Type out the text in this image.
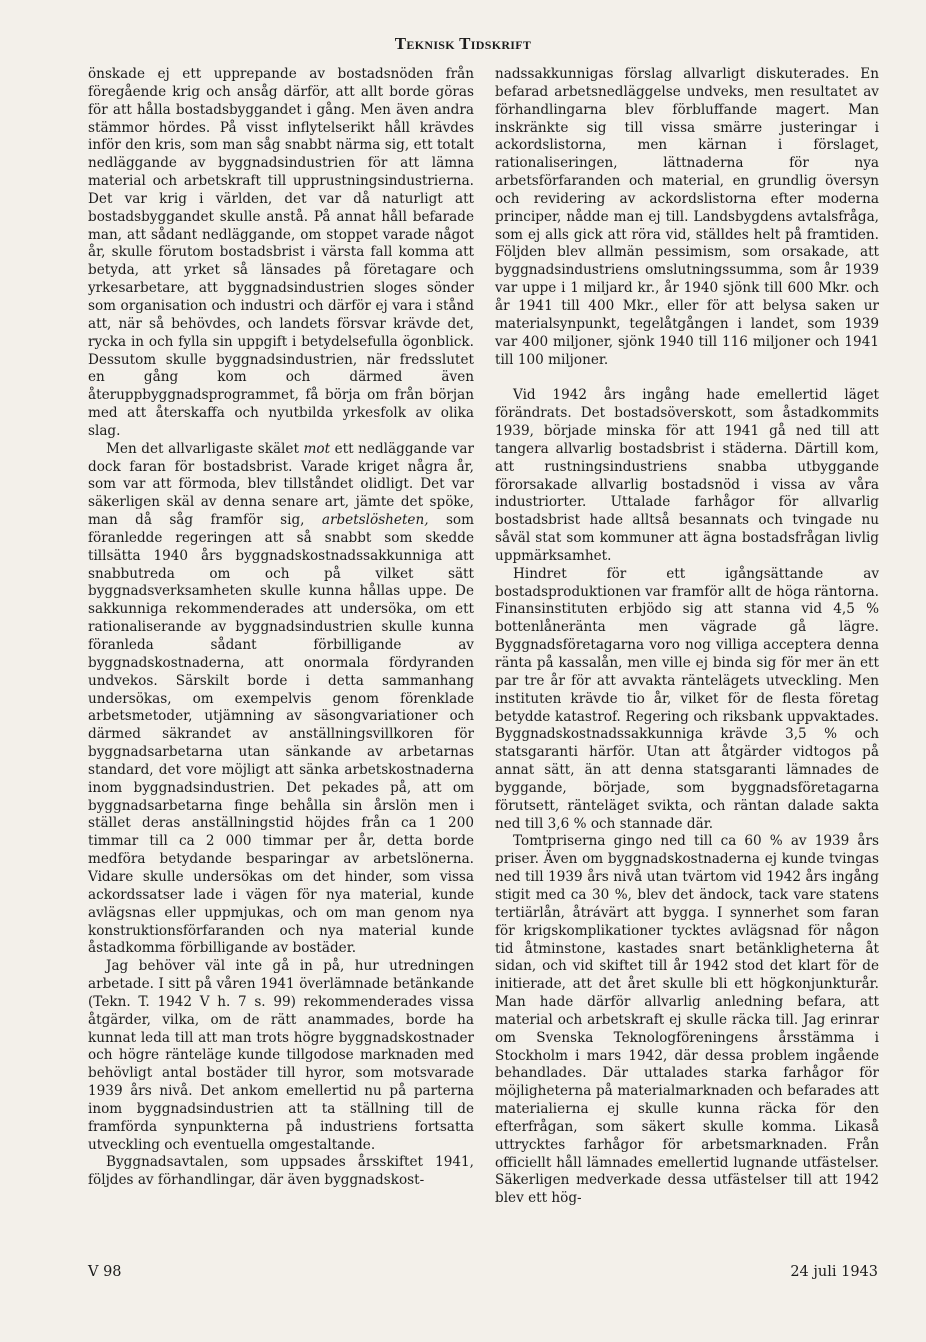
Teknisk Tidskrift

önskade ej ett upprepande av bostadsnöden från föregående krig och ansåg därför, att allt borde göras för att hålla bostadsbyggandet i gång. Men även andra stämmor hördes. På visst inflytelserikt håll krävdes inför den kris, som man såg snabbt närma sig, ett totalt nedläggande av byggnadsindustrien för att lämna material och arbetskraft till upprustningsindustrierna. Det var krig i världen, det var då naturligt att bostadsbyggandet skulle anstå. På annat håll befarade man, att sådant nedläggande, om stoppet varade något år, skulle förutom bostadsbrist i värsta fall komma att betyda, att yrket så länsades på företagare och yrkesarbetare, att byggnadsindustrien sloges sönder som organisation och industri och därför ej vara i stånd att, när så behövdes, och landets försvar krävde det, rycka in och fylla sin uppgift i betydelsefulla ögonblick. Dessutom skulle byggnadsindustrien, när fredsslutet en gång kom och därmed även återuppbyggnadsprogrammet, få börja om från början med att återskaffa och nyutbilda yrkesfolk av olika slag.

Men det allvarligaste skälet mot ett nedläggande var dock faran för bostadsbrist. Varade kriget några år, som var att förmoda, blev tillståndet olidligt. Det var säkerligen skäl av denna senare art, jämte det spöke, man då såg framför sig, arbetslösheten, som föranledde regeringen att så snabbt som skedde tillsätta 1940 års byggnadskostnadssakkunniga att snabbutreda om och på vilket sätt byggnadsverksamheten skulle kunna hållas uppe. De sakkunniga rekommenderades att undersöka, om ett rationaliserande av byggnadsindustrien skulle kunna föranleda sådant förbilligande av byggnadskostnaderna, att onormala fördyranden undvekos. Särskilt borde i detta sammanhang undersökas, om exempelvis genom förenklade arbetsmetoder, utjämning av säsongvariationer och därmed säkrandet av anställningsvillkoren för byggnadsarbetarna utan sänkande av arbetarnas standard, det vore möjligt att sänka arbetskostnaderna inom byggnadsindustrien. Det pekades på, att om byggnadsarbetarna finge behålla sin årslön men i stället deras anställningstid höjdes från ca 1 200 timmar till ca 2 000 timmar per år, detta borde medföra betydande besparingar av arbetslönerna. Vidare skulle undersökas om det hinder, som vissa ackordssatser lade i vägen för nya material, kunde avlägsnas eller uppmjukas, och om man genom nya konstruktionsförfaranden och nya material kunde åstadkomma förbilligande av bostäder.

Jag behöver väl inte gå in på, hur utredningen arbetade. I sitt på våren 1941 överlämnade betänkande (Tekn. T. 1942 V h. 7 s. 99) rekommenderades vissa åtgärder, vilka, om de rätt anammades, borde ha kunnat leda till att man trots högre byggnadskostnader och högre räntelägе kunde tillgodose marknaden med behövligt antal bostäder till hyror, som motsvarade 1939 års nivå. Det ankom emellertid nu på parterna inom byggnadsindustrien att ta ställning till de framförda synpunkterna på industriens fortsatta utveckling och eventuella omgestaltande.

Byggnadsavtalen, som uppsades årsskiftet 1941, följdes av förhandlingar, där även byggnadskost-

nadssakkunnigas förslag allvarligt diskuterades. En befarad arbetsnedläggelse undveks, men resultatet av förhandlingarna blev förbluffande magert. Man inskränkte sig till vissa smärre justeringar i ackordslistorna, men kärnan i förslaget, rationaliseringen, lättnaderna för nya arbetsförfaranden och material, en grundlig översyn och revidering av ackordslistorna efter moderna principer, nådde man ej till. Landsbygdens avtalsfråga, som ej alls gick att röra vid, ställdes helt på framtiden. Följden blev allmän pessimism, som orsakade, att byggnadsindustriens omslutningssumma, som år 1939 var uppe i 1 miljard kr., år 1940 sjönk till 600 Mkr. och år 1941 till 400 Mkr., eller för att belysa saken ur materialsynpunkt, tegelåtgången i landet, som 1939 var 400 miljoner, sjönk 1940 till 116 miljoner och 1941 till 100 miljoner.

Vid 1942 års ingång hade emellertid läget förändrats. Det bostadsöverskott, som åstadkommits 1939, började minska för att 1941 gå ned till att tangera allvarlig bostadsbrist i städerna. Därtill kom, att rustningsindustriens snabba utbyggande förorsakade allvarlig bostadsnöd i vissa av våra industriorter. Uttalade farhågor för allvarlig bostadsbrist hade alltså besannats och tvingade nu såväl stat som kommuner att ägna bostadsfrågan livlig uppmärksamhet.

Hindret för ett igångsättande av bostadsproduktionen var framför allt de höga räntorna. Finansinstituten erbjödo sig att stanna vid 4,5 % bottenlåneränta men vägrade gå lägre. Byggnadsföretagarna voro nog villiga acceptera denna ränta på kassalån, men ville ej binda sig för mer än ett par tre år för att avvakta räntelägets utveckling. Men instituten krävde tio år, vilket för de flesta företag betydde katastrof. Regering och riksbank uppvaktades. Byggnadskostnadssakkunniga krävde 3,5 % och statsgaranti härför. Utan att åtgärder vidtogos på annat sätt, än att denna statsgaranti lämnades de byggande, började, som byggnadsföretagarna förutsett, ränteläget svikta, och räntan dalade sakta ned till 3,6 % och stannade där.

Tomtpriserna gingo ned till ca 60 % av 1939 års priser. Även om byggnadskostnaderna ej kunde tvingas ned till 1939 års nivå utan tvärtom vid 1942 års ingång stigit med ca 30 %, blev det ändock, tack vare statens tertiärlån, åtrávärt att bygga. I synnerhet som faran för krigskomplikationer tycktes avlägsnad för någon tid åtminstone, kastades snart betänkligheterna åt sidan, och vid skiftet till år 1942 stod det klart för de initierade, att det året skulle bli ett högkonjunkturår. Man hade därför allvarlig anledning befara, att material och arbetskraft ej skulle räcka till. Jag erinrar om Svenska Teknologföreningens årsstämma i Stockholm i mars 1942, där dessa problem ingående behandlades. Där uttalades starka farhågor för möjligheterna på materialmarknaden och befarades att materialierna ej skulle kunna räcka för den efterfrågan, som säkert skulle komma. Likaså uttrycktes farhågor för arbetsmarknaden. Från officiellt håll lämnades emellertid lugnande utfästelser. Säkerligen medverkade dessa utfästelser till att 1942 blev ett hög-

V 98	24 juli 1943
